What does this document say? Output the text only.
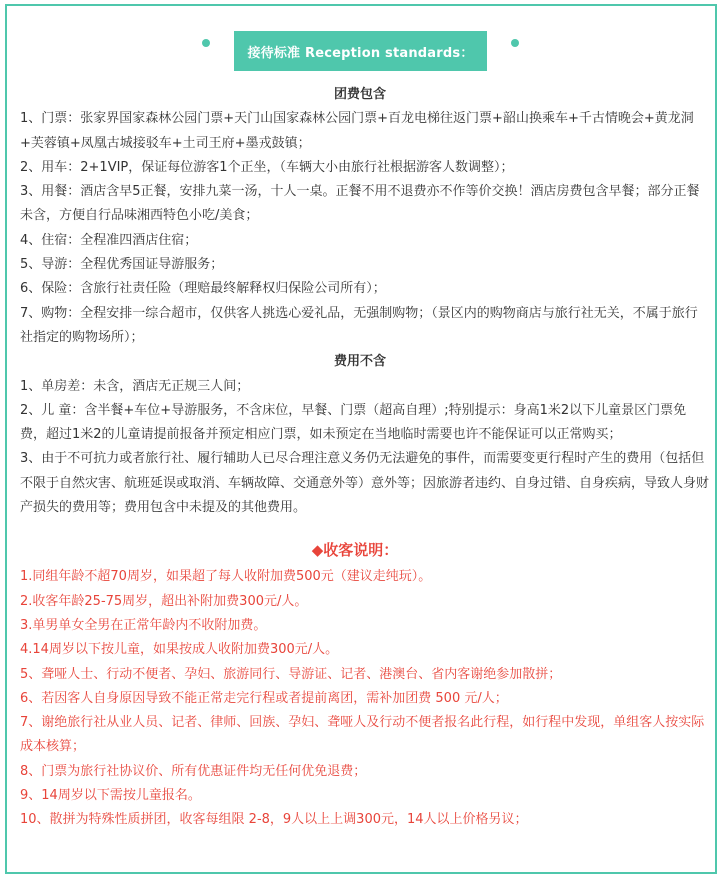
接待标准 Reception standards：
团费包含

1、门票：张家界国家森林公园门票+天门山国家森林公园门票+百龙电梯往返门票+韶山换乘车+千古情晚会+黄龙洞+芙蓉镇+凤凰古城接驳车+土司王府+墨戎鼓镇；

2、用车：2+1VIP，保证每位游客1个正坐，（车辆大小由旅行社根据游客人数调整）；

3、用餐：酒店含早5正餐，安排九菜一汤，十人一桌。正餐不用不退费亦不作等价交换！酒店房费包含早餐；部分正餐未含，方便自行品味湘西特色小吃/美食；

4、住宿：全程准四酒店住宿；

5、导游：全程优秀国证导游服务；

6、保险：含旅行社责任险（理赔最终解释权归保险公司所有）；

7、购物：全程安排一综合超市，仅供客人挑选心爱礼品，无强制购物；（景区内的购物商店与旅行社无关，不属于旅行社指定的购物场所）；

费用不含

1、单房差：未含，酒店无正规三人间；

2、儿 童：含半餐+车位+导游服务，不含床位，早餐、门票（超高自理）;特别提示：身高1米2以下儿童景区门票免费，超过1米2的儿童请提前报备并预定相应门票，如未预定在当地临时需要也许不能保证可以正常购买；

3、由于不可抗力或者旅行社、履行辅助人已尽合理注意义务仍无法避免的事件，而需要变更行程时产生的费用（包括但不限于自然灾害、航班延误或取消、车辆故障、交通意外等）意外等；因旅游者违约、自身过错、自身疾病，导致人身财产损失的费用等；费用包含中未提及的其他费用。

◆收客说明：

1.同组年龄不超70周岁，如果超了每人收附加费500元（建议走纯玩）。

2.收客年龄25-75周岁，超出补附加费300元/人。

3.单男单女全男在正常年龄内不收附加费。

4.14周岁以下按儿童，如果按成人收附加费300元/人。

5、聋哑人士、行动不便者、孕妇、旅游同行、导游证、记者、港澳台、省内客谢绝参加散拼；

6、若因客人自身原因导致不能正常走完行程或者提前离团，需补加团费 500 元/人；

7、谢绝旅行社从业人员、记者、律师、回族、孕妇、聋哑人及行动不便者报名此行程，如行程中发现，单组客人按实际成本核算；

8、门票为旅行社协议价、所有优惠证件均无任何优免退费；

9、14周岁以下需按儿童报名。

10、散拼为特殊性质拼团，收客每组限 2-8，9人以上上调300元，14人以上价格另议；
